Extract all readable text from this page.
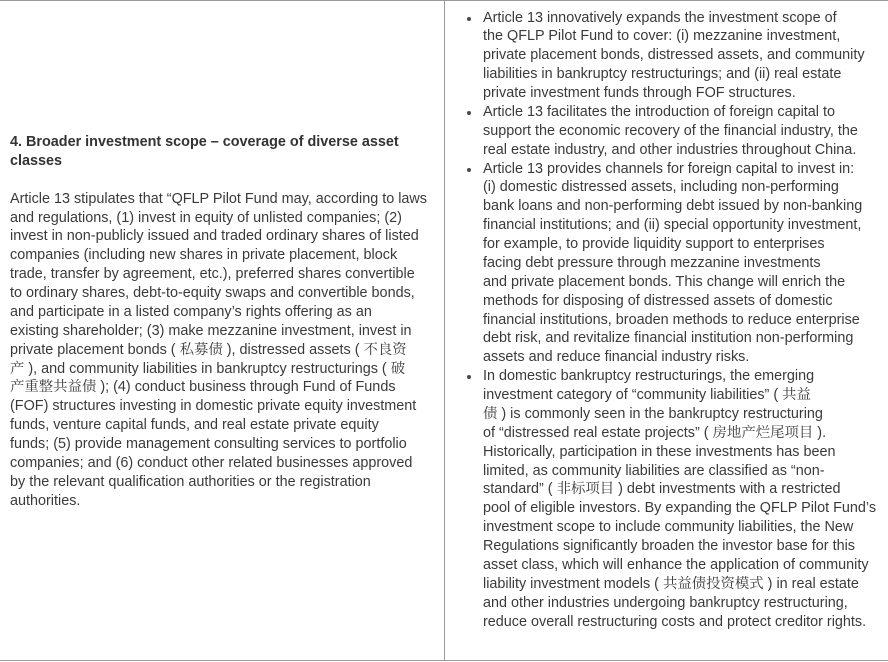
4. Broader investment scope – coverage of diverse asset
classes
Article 13 stipulates that “QFLP Pilot Fund may, according to laws
and regulations, (1) invest in equity of unlisted companies; (2)
invest in non-publicly issued and traded ordinary shares of listed
companies (including new shares in private placement, block
trade, transfer by agreement, etc.), preferred shares convertible
to ordinary shares, debt-to-equity swaps and convertible bonds,
and participate in a listed company’s rights offering as an
existing shareholder; (3) make mezzanine investment, invest in
private placement bonds ( 私募债 ), distressed assets ( 不良资
产 ), and community liabilities in bankruptcy restructurings ( 破
产重整共益债 ); (4) conduct business through Fund of Funds
(FOF) structures investing in domestic private equity investment
funds, venture capital funds, and real estate private equity
funds; (5) provide management consulting services to portfolio
companies; and (6) conduct other related businesses approved
by the relevant qualification authorities or the registration
authorities.
Article 13 innovatively expands the investment scope of
the QFLP Pilot Fund to cover: (i) mezzanine investment,
private placement bonds, distressed assets, and community
liabilities in bankruptcy restructurings; and (ii) real estate
private investment funds through FOF structures.
Article 13 facilitates the introduction of foreign capital to
support the economic recovery of the financial industry, the
real estate industry, and other industries throughout China.
Article 13 provides channels for foreign capital to invest in:
(i) domestic distressed assets, including non-performing
bank loans and non-performing debt issued by non-banking
financial institutions; and (ii) special opportunity investment,
for example, to provide liquidity support to enterprises
facing debt pressure through mezzanine investments
and private placement bonds. This change will enrich the
methods for disposing of distressed assets of domestic
financial institutions, broaden methods to reduce enterprise
debt risk, and revitalize financial institution non-performing
assets and reduce financial industry risks.
In domestic bankruptcy restructurings, the emerging
investment category of “community liabilities” ( 共益
债 ) is commonly seen in the bankruptcy restructuring
of “distressed real estate projects” ( 房地产烂尾项目 ).
Historically, participation in these investments has been
limited, as community liabilities are classified as “non-
standard” ( 非标项目 ) debt investments with a restricted
pool of eligible investors. By expanding the QFLP Pilot Fund’s
investment scope to include community liabilities, the New
Regulations significantly broaden the investor base for this
asset class, which will enhance the application of community
liability investment models ( 共益债投资模式 ) in real estate
and other industries undergoing bankruptcy restructuring,
reduce overall restructuring costs and protect creditor rights.
